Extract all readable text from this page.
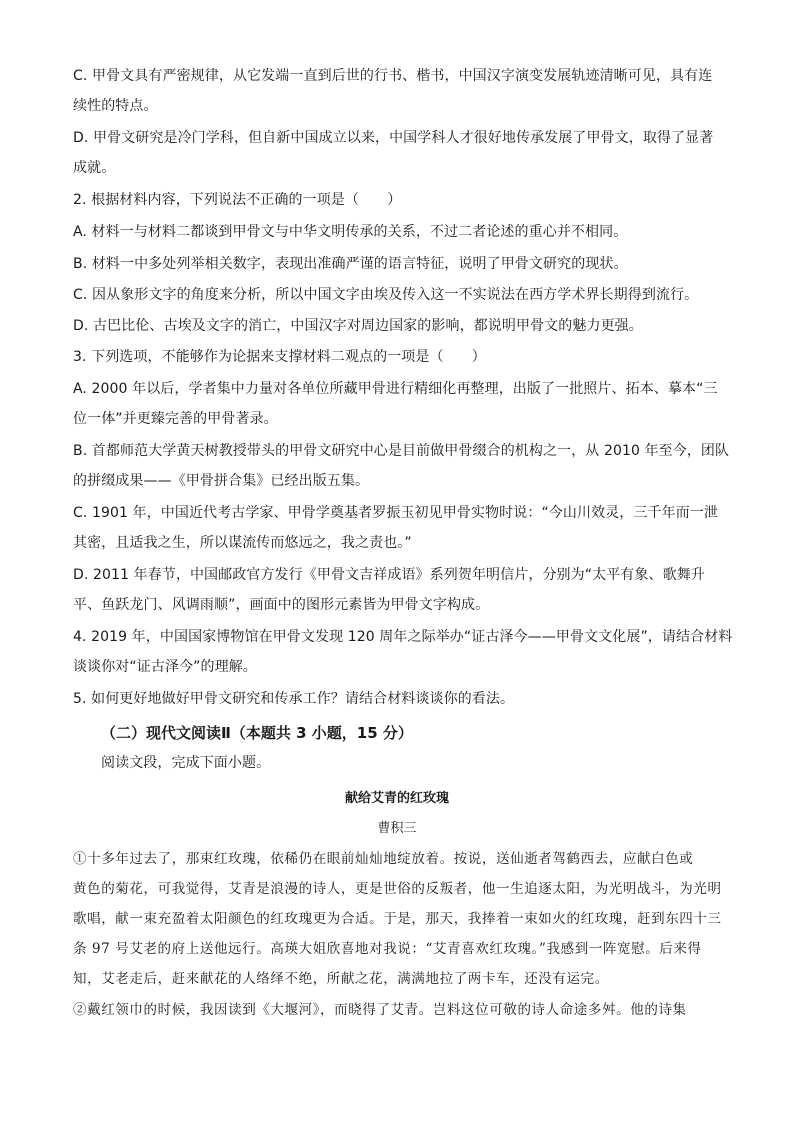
C. 甲骨文具有严密规律，从它发端一直到后世的行书、楷书，中国汉字演变发展轨迹清晰可见，具有连
续性的特点。
D. 甲骨文研究是冷门学科，但自新中国成立以来，中国学科人才很好地传承发展了甲骨文，取得了显著
成就。
2. 根据材料内容，下列说法不正确的一项是（　　）
A. 材料一与材料二都谈到甲骨文与中华文明传承的关系，不过二者论述的重心并不相同。
B. 材料一中多处列举相关数字，表现出准确严谨的语言特征，说明了甲骨文研究的现状。
C. 因从象形文字的角度来分析，所以中国文字由埃及传入这一不实说法在西方学术界长期得到流行。
D. 古巴比伦、古埃及文字的消亡，中国汉字对周边国家的影响，都说明甲骨文的魅力更强。
3. 下列选项，不能够作为论据来支撑材料二观点的一项是（　　）
A. 2000 年以后，学者集中力量对各单位所藏甲骨进行精细化再整理，出版了一批照片、拓本、摹本“三
位一体”并更臻完善的甲骨著录。
B. 首都师范大学黄天树教授带头的甲骨文研究中心是目前做甲骨缀合的机构之一，从 2010 年至今，团队
的拼缀成果——《甲骨拼合集》已经出版五集。
C. 1901 年，中国近代考古学家、甲骨学奠基者罗振玉初见甲骨实物时说：“今山川效灵，三千年而一泄
其密，且适我之生，所以谋流传而悠远之，我之责也。”
D. 2011 年春节，中国邮政官方发行《甲骨文吉祥成语》系列贺年明信片，分别为“太平有象、歌舞升
平、鱼跃龙门、风调雨顺”，画面中的图形元素皆为甲骨文字构成。
4. 2019 年，中国国家博物馆在甲骨文发现 120 周年之际举办“证古泽今——甲骨文文化展”，请结合材料
谈谈你对“证古泽今”的理解。
5. 如何更好地做好甲骨文研究和传承工作？请结合材料谈谈你的看法。
（二）现代文阅读Ⅱ（本题共 3 小题，15 分）
阅读文段，完成下面小题。
献给艾青的红玫瑰
曹积三
①十多年过去了，那束红玫瑰，依稀仍在眼前灿灿地绽放着。按说，送仙逝者驾鹤西去，应献白色或
黄色的菊花，可我觉得，艾青是浪漫的诗人，更是世俗的反叛者，他一生追逐太阳，为光明战斗，为光明
歌唱，献一束充盈着太阳颜色的红玫瑰更为合适。于是，那天，我捧着一束如火的红玫瑰，赶到东四十三
条 97 号艾老的府上送他远行。高瑛大姐欣喜地对我说：“艾青喜欢红玫瑰。”我感到一阵宽慰。后来得
知，艾老走后，赶来献花的人络绎不绝，所献之花，满满地拉了两卡车，还没有运完。
②戴红领巾的时候，我因读到《大堰河》，而晓得了艾青。岂料这位可敬的诗人命途多舛。他的诗集
